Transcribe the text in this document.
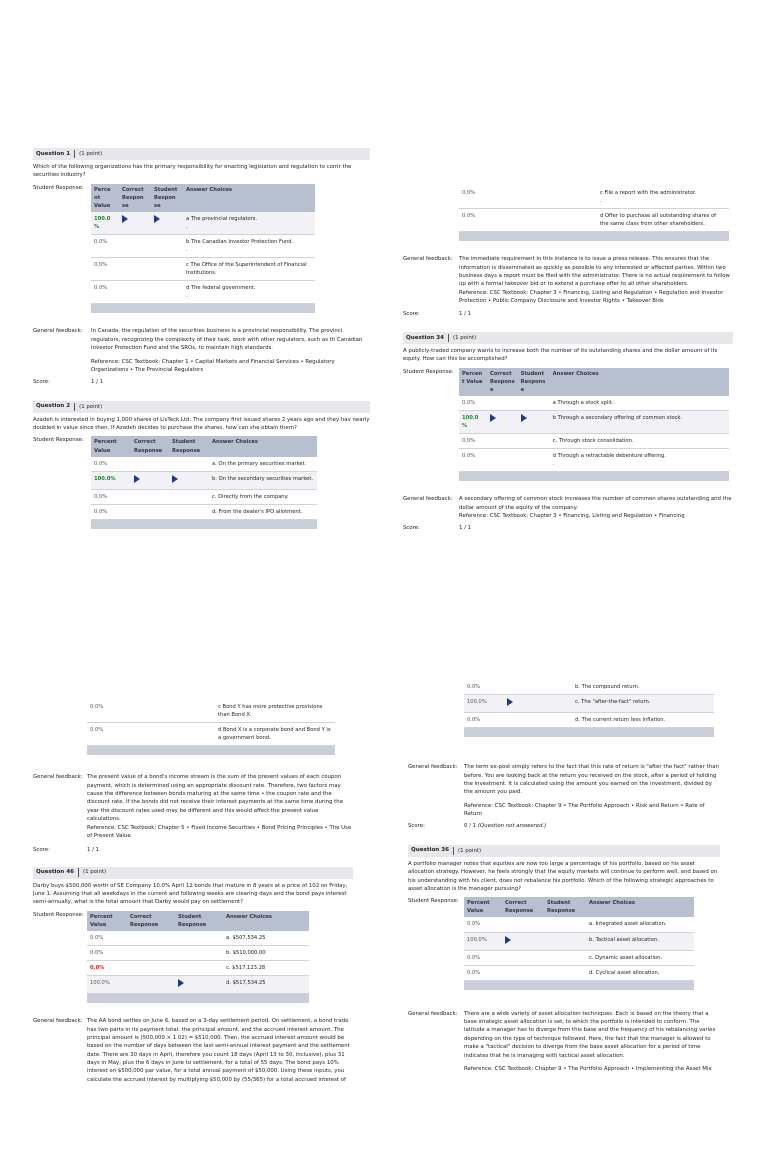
Question 1	(1 point)
Which of the following organizations has the primary responsibility for enacting legislation and regulation to contr the securities industry?
Student Response:	Perce nt Value	Correct Respon se	Student Respon se	Answer Choices
100.0 %			a The provincial regulators.
.
0.0%			b The Canadian Investor Protection Fund.
.
0.0%			c The Office of the Superintendent of Financial Institutions.
0.0%			d The federal government.
.

General feedback:	In Canada, the regulation of the securities business is a provincial responsibility. The provinci regulators, recognizing the complexity of their task, work with other regulators, such as th Canadian Investor Protection Fund and the SROs, to maintain high standards.
Reference: CSC Textbook: Chapter 1 • Capital Markets and Financial Services • Regulatory Organizations • The Provincial Regulators
Score:	1 / 1
Question 2	(1 point)
Azadeh is interested in buying 1,000 shares of LisTeck Ltd. The company first issued shares 2 years ago and they hav nearly doubled in value since then. If Azadeh decides to purchase the shares, how can she obtain them?
Student Response:	Percent Value	Correct Response	Student Response	Answer Choices
0.0%			a. On the primary securities market.
100.0%			b. On the secondary securities market.
0.0%			c. Directly from the company.
0.0%			d. From the dealer's IPO allotment.

0.0%		c File a report with the administrator.
.
0.0%		d Offer to purchase all outstanding shares of the same class from other shareholders.

General feedback:	The immediate requirement in this instance is to issue a press release. This ensures that the information is disseminated as quickly as possible to any interested or affected parties. Within two business days a report must be filed with the administrator. There is no actual requirement to follow up with a formal takeover bid or to extend a purchase offer to all other shareholders.
Reference: CSC Textbook: Chapter 3 • Financing, Listing and Regulation • Regulation and Investor Protection • Public Company Disclosure and Investor Rights • Takeover Bids
Score:	1 / 1
Question 34	(1 point)
A publicly-traded company wants to increase both the number of its outstanding shares and the dollar amount of its equity. How can this be accomplished?
Student Response:	Percen t Value	Correct Respons e	Student Respons e	Answer Choices
0.0%			a Through a stock split.
100.0 %			b Through a secondary offering of common stock.
0.0%			c. Through stock consolidation.
0.0%			d Through a retractable debenture offering.
.

General feedback:	A secondary offering of common stock increases the number of common shares outstanding and the dollar amount of the equity of the company.
Reference: CSC Textbook: Chapter 3 • Financing, Listing and Regulation • Financing
Score:	1 / 1
0.0%		c Bond Y has more protective provisions than Bond X.
0.0%		d Bond X is a corporate bond and Bond Y is a government bond.

General feedback: The present value of a bond's income stream is the sum of the present values of each coupon payment, which is determined using an appropriate discount rate. Therefore, two factors may cause the difference between bonds maturing at the same time • the coupon rate and the discount rate. If the bonds did not receive their interest payments at the same time during the year the discount rates used may be different and this would affect the present value calculations.
Reference: CSC Textbook: Chapter 5 • Fixed Income Securities • Bond Pricing Principles • The Use of Present Value
Score:	1 / 1
Question 46	(1 point)
Darby buys $500,000 worth of SE Company 10.0% April 12 bonds that mature in 8 years at a price of 102 on Friday, June 1. Assuming that all weekdays in the current and following weeks are clearing days and the bond pays interest semi-annually, what is the total amount that Darby would pay on settlement?
Student Response:	Percent Value	Correct Response	Student Response	Answer Choices
0.0%			a. $507,534.25
0.0%			b. $510,000.00
0.0%			c. $517,123.28
100.0%			d. $517,534.25

General feedback: The AA bond settles on June 6, based on a 3-day settlement period. On settlement, a bond trade has two parts in its payment total: the principal amount, and the accrued interest amount. The principal amount is (500,000 × 1.02) = $510,000. Then, the accrued interest amount would be based on the number of days between the last semi-annual interest payment and the settlement date. There are 30 days in April, therefore you count 18 days (April 13 to 30, inclusive), plus 31 days in May, plus the 6 days in June to settlement, for a total of 55 days. The bond pays 10% interest on $500,000 par value, for a total annual payment of $50,000. Using these inputs, you calculate the accrued interest by multiplying $50,000 by (55/365) for a total accrued interest of
0.0%		b. The compound return.
100.0%		c. The "after-the-fact" return.
0.0%		d. The current return less inflation.

General feedback:	The term ex-post simply refers to the fact that this rate of return is "after the fact" rather than before. You are looking back at the return you received on the stock, after a period of holding the investment. It is calculated using the amount you earned on the investment, divided by the amount you paid.
Reference: CSC Textbook: Chapter 9 • The Portfolio Approach • Risk and Return • Rate of Return
Score:	0 / 1 (Question not answered.)
Question 36	(1 point)
A portfolio manager notes that equities are now too large a percentage of his portfolio, based on his asset allocation strategy. However, he feels strongly that the equity markets will continue to perform well, and based on his understanding with his client, does not rebalance his portfolio. Which of the following strategic approaches to asset allocation is the manager pursuing?
Student Response:	Percent Value	Correct Response	Student Response	Answer Choices
0.0%			a. Integrated asset allocation.
100.0%			b. Tactical asset allocation.
0.0%			c. Dynamic asset allocation.
0.0%			d. Cyclical asset allocation.

General feedback:	There are a wide variety of asset allocation techniques. Each is based on the theory that a base strategic asset allocation is set, to which the portfolio is intended to conform. The latitude a manager has to diverge from this base and the frequency of his rebalancing varies depending on the type of technique followed. Here, the fact that the manager is allowed to make a "tactical" decision to diverge from the base asset allocation for a period of time indicates that he is managing with tactical asset allocation.
Reference: CSC Textbook: Chapter 9 • The Portfolio Approach • Implementing the Asset Mix
